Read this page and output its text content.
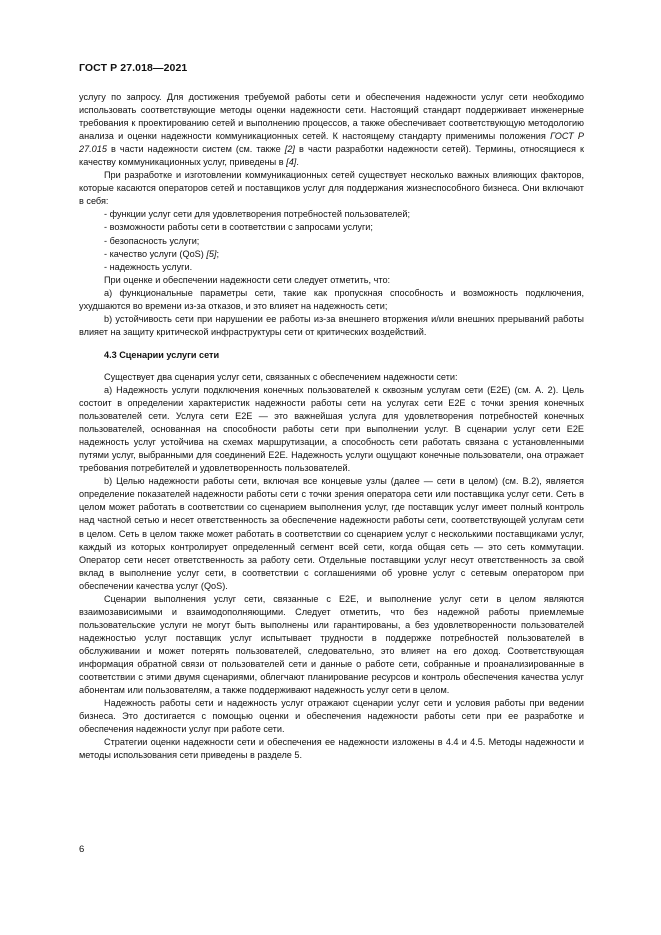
ГОСТ Р 27.018—2021

услугу по запросу. Для достижения требуемой работы сети и обеспечения надежности услуг сети необходимо использовать соответствующие методы оценки надежности сети. Настоящий стандарт поддерживает инженерные требования к проектированию сетей и выполнению процессов, а также обеспечивает соответствующую методологию анализа и оценки надежности коммуникационных сетей. К настоящему стандарту применимы положения ГОСТ Р 27.015 в части надежности систем (см. также [2] в части разработки надежности сетей). Термины, относящиеся к качеству коммуникационных услуг, приведены в [4].

При разработке и изготовлении коммуникационных сетей существует несколько важных влияющих факторов, которые касаются операторов сетей и поставщиков услуг для поддержания жизнеспособного бизнеса. Они включают в себя:

- функции услуг сети для удовлетворения потребностей пользователей;

- возможности работы сети в соответствии с запросами услуги;

- безопасность услуги;

- качество услуги (QoS) [5];

- надежность услуги.

При оценке и обеспечении надежности сети следует отметить, что:

а) функциональные параметры сети, такие как пропускная способность и возможность подключения, ухудшаются во времени из-за отказов, и это влияет на надежность сети;

b) устойчивость сети при нарушении ее работы из-за внешнего вторжения и/или внешних прерываний работы влияет на защиту критической инфраструктуры сети от критических воздействий.

4.3 Сценарии услуги сети

Существует два сценария услуг сети, связанных с обеспечением надежности сети:

а) Надежность услуги подключения конечных пользователей к сквозным услугам сети (E2E) (см. А. 2). Цель состоит в определении характеристик надежности работы сети на услугах сети E2E с точки зрения конечных пользователей сети. Услуга сети E2E — это важнейшая услуга для удовлетворения потребностей конечных пользователей, основанная на способности работы сети при выполнении услуг. В сценарии услуг сети E2E надежность услуг устойчива на схемах маршрутизации, а способность сети работать связана с установленными путями услуг, выбранными для соединений E2E. Надежность услуги ощущают конечные пользователи, она отражает требования потребителей и удовлетворенность пользователей.

b) Целью надежности работы сети, включая все концевые узлы (далее — сети в целом) (см. В.2), является определение показателей надежности работы сети с точки зрения оператора сети или поставщика услуг сети. Сеть в целом может работать в соответствии со сценарием выполнения услуг, где поставщик услуг имеет полный контроль над частной сетью и несет ответственность за обеспечение надежности работы сети, соответствующей услугам сети в целом. Сеть в целом также может работать в соответствии со сценарием услуг с несколькими поставщиками услуг, каждый из которых контролирует определенный сегмент всей сети, когда общая сеть — это сеть коммутации. Оператор сети несет ответственность за работу сети. Отдельные поставщики услуг несут ответственность за свой вклад в выполнение услуг сети, в соответствии с соглашениями об уровне услуг с сетевым оператором при обеспечении качества услуг (QoS).

Сценарии выполнения услуг сети, связанные с E2E, и выполнение услуг сети в целом являются взаимозависимыми и взаимодополняющими. Следует отметить, что без надежной работы приемлемые пользовательские услуги не могут быть выполнены или гарантированы, а без удовлетворенности пользователей надежностью услуг поставщик услуг испытывает трудности в поддержке потребностей пользователей в обслуживании и может потерять пользователей, следовательно, это влияет на его доход. Соответствующая информация обратной связи от пользователей сети и данные о работе сети, собранные и проанализированные в соответствии с этими двумя сценариями, облегчают планирование ресурсов и контроль обеспечения качества услуг абонентам или пользователям, а также поддерживают надежность услуг сети в целом.

Надежность работы сети и надежность услуг отражают сценарии услуг сети и условия работы при ведении бизнеса. Это достигается с помощью оценки и обеспечения надежности работы сети при ее разработке и обеспечения надежности услуг при работе сети.

Стратегии оценки надежности сети и обеспечения ее надежности изложены в 4.4 и 4.5. Методы надежности и методы использования сети приведены в разделе 5.

6
